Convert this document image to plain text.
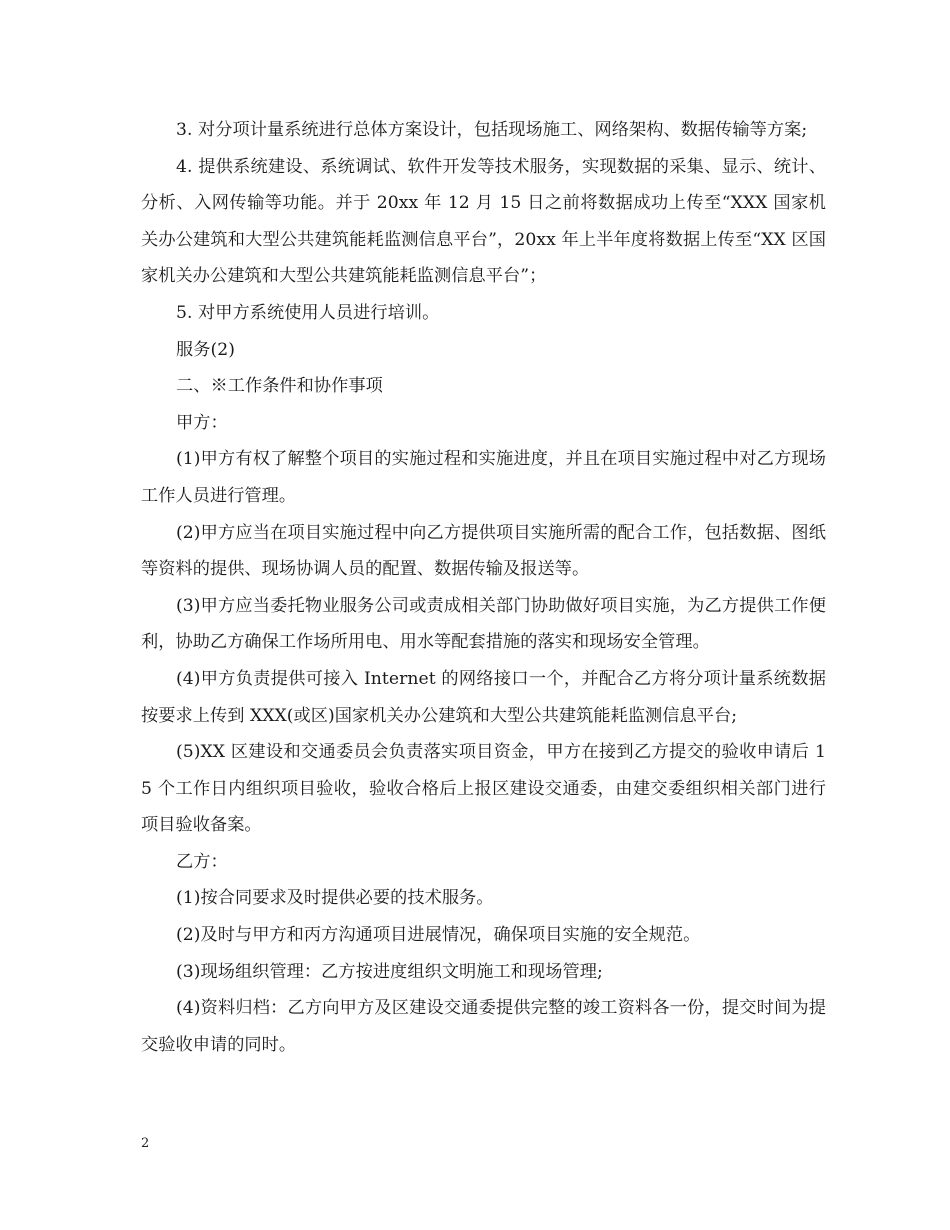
3. 对分项计量系统进行总体方案设计，包括现场施工、网络架构、数据传输等方案;

4. 提供系统建设、系统调试、软件开发等技术服务，实现数据的采集、显示、统计、分析、入网传输等功能。并于 20xx 年 12 月 15 日之前将数据成功上传至“XXX 国家机关办公建筑和大型公共建筑能耗监测信息平台”，20xx 年上半年度将数据上传至“XX 区国家机关办公建筑和大型公共建筑能耗监测信息平台”；

5. 对甲方系统使用人员进行培训。

服务(2)

二、※工作条件和协作事项

甲方：

(1)甲方有权了解整个项目的实施过程和实施进度，并且在项目实施过程中对乙方现场工作人员进行管理。

(2)甲方应当在项目实施过程中向乙方提供项目实施所需的配合工作，包括数据、图纸等资料的提供、现场协调人员的配置、数据传输及报送等。

(3)甲方应当委托物业服务公司或责成相关部门协助做好项目实施，为乙方提供工作便利，协助乙方确保工作场所用电、用水等配套措施的落实和现场安全管理。

(4)甲方负责提供可接入 Internet 的网络接口一个，并配合乙方将分项计量系统数据按要求上传到 XXX(或区)国家机关办公建筑和大型公共建筑能耗监测信息平台;

(5)XX 区建设和交通委员会负责落实项目资金，甲方在接到乙方提交的验收申请后 15 个工作日内组织项目验收，验收合格后上报区建设交通委，由建交委组织相关部门进行项目验收备案。

乙方：

(1)按合同要求及时提供必要的技术服务。

(2)及时与甲方和丙方沟通项目进展情况，确保项目实施的安全规范。

(3)现场组织管理：乙方按进度组织文明施工和现场管理;

(4)资料归档：乙方向甲方及区建设交通委提供完整的竣工资料各一份，提交时间为提交验收申请的同时。

2
